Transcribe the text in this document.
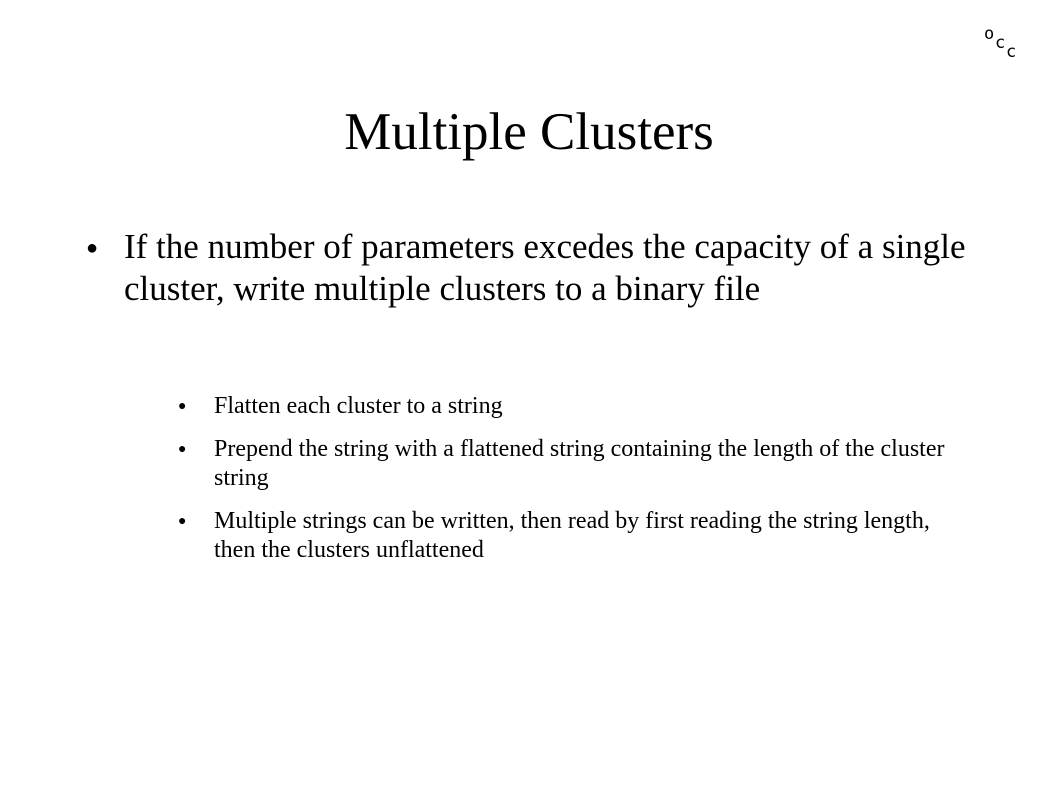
o c c
Multiple Clusters
● If the number of parameters excedes the capacity of a single cluster, write multiple clusters to a binary file
● Flatten each cluster to a string
● Prepend the string with a flattened string containing the length of the cluster string
● Multiple strings can be written, then read by first reading the string length, then the clusters unflattened
